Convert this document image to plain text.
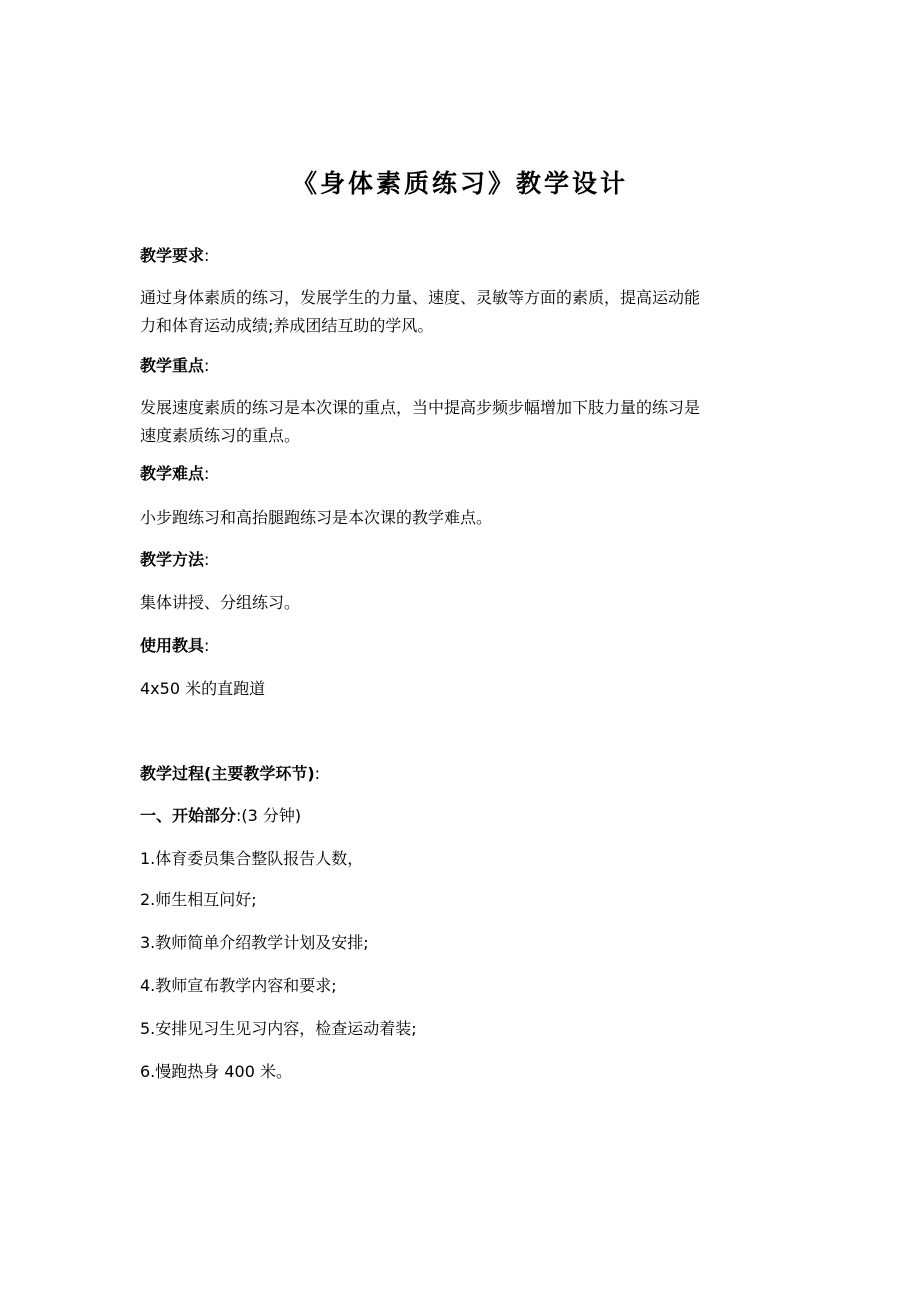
《身体素质练习》教学设计
教学要求:
通过身体素质的练习，发展学生的力量、速度、灵敏等方面的素质，提高运动能
力和体育运动成绩;养成团结互助的学风。
教学重点:
发展速度素质的练习是本次课的重点，当中提高步频步幅增加下肢力量的练习是
速度素质练习的重点。
教学难点:
小步跑练习和高抬腿跑练习是本次课的教学难点。
教学方法:
集体讲授、分组练习。
使用教具:
4x50 米的直跑道
教学过程(主要教学环节):
一、开始部分:(3 分钟)
1.体育委员集合整队报告人数，
2.师生相互问好;
3.教师简单介绍教学计划及安排;
4.教师宣布教学内容和要求;
5.安排见习生见习内容，检查运动着装;
6.慢跑热身 400 米。
